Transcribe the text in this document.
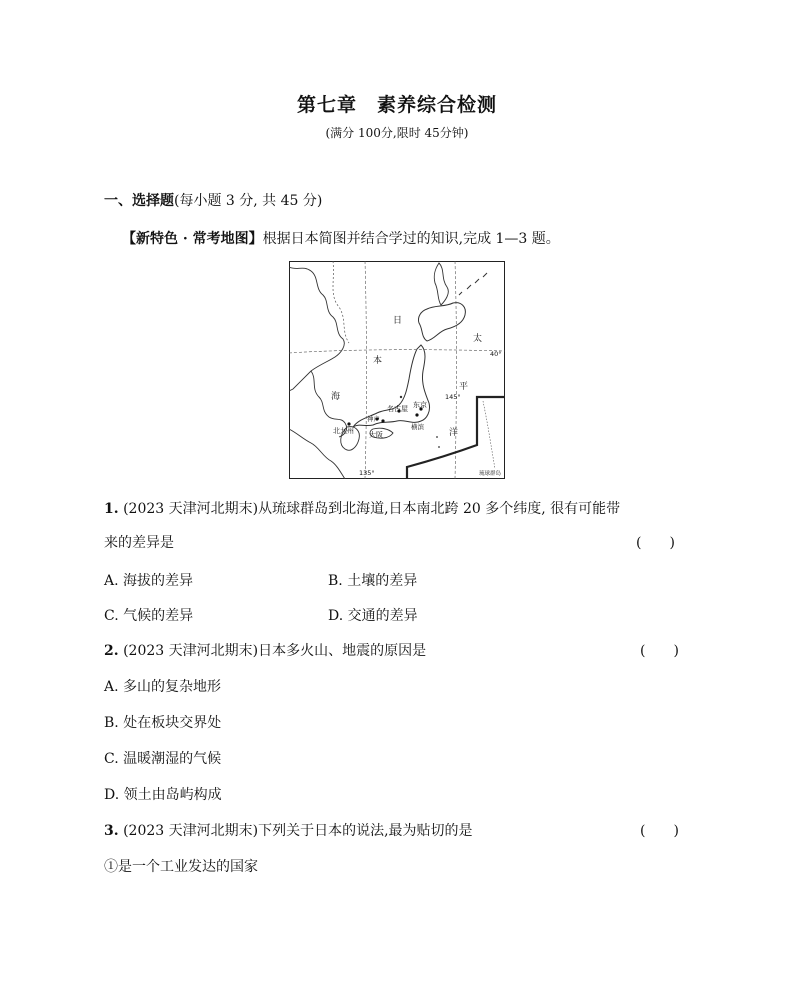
第七章　素养综合检测
(满分 100分,限时 45分钟)
一、选择题(每小题 3 分, 共 45 分)
【新特色 · 常考地图】根据日本简图并结合学过的知识,完成 1—3 题。
日
本
海
太
平
洋
40°
145°
135°
北九州
神户
大阪
名古屋 东京
横滨
琉球群岛
1. (2023 天津河北期末)从琉球群岛到北海道,日本南北跨 20 多个纬度, 很有可能带
来的差异是	(　　)
A. 海拔的差异	B. 土壤的差异
C. 气候的差异	D. 交通的差异
2. (2023 天津河北期末)日本多火山、地震的原因是	(　　)
A. 多山的复杂地形
B. 处在板块交界处
C. 温暖潮湿的气候
D. 领土由岛屿构成
3. (2023 天津河北期末)下列关于日本的说法,最为贴切的是	(　　)
①是一个工业发达的国家
